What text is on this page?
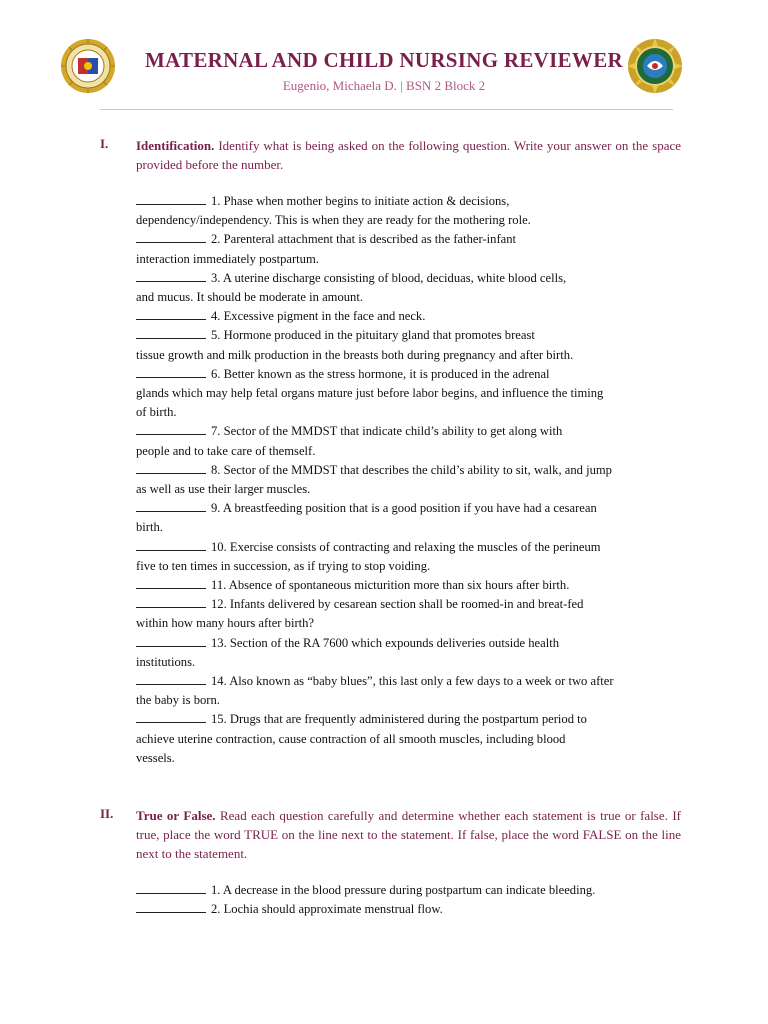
MATERNAL AND CHILD NURSING REVIEWER
Eugenio, Michaela D. | BSN 2 Block 2
I. Identification. Identify what is being asked on the following question. Write your answer on the space provided before the number.
1. Phase when mother begins to initiate action & decisions,
dependency/independency. This is when they are ready for the mothering role.
2. Parenteral attachment that is described as the father-infant
interaction immediately postpartum.
3. A uterine discharge consisting of blood, deciduas, white blood cells,
and mucus. It should be moderate in amount.
4. Excessive pigment in the face and neck.
5. Hormone produced in the pituitary gland that promotes breast
tissue growth and milk production in the breasts both during pregnancy and after birth.
6. Better known as the stress hormone, it is produced in the adrenal
glands which may help fetal organs mature just before labor begins, and influence the timing
of birth.
7. Sector of the MMDST that indicate child’s ability to get along with
people and to take care of themself.
8. Sector of the MMDST that describes the child’s ability to sit, walk, and jump
as well as use their larger muscles.
9. A breastfeeding position that is a good position if you have had a cesarean
birth.
10. Exercise consists of contracting and relaxing the muscles of the perineum
five to ten times in succession, as if trying to stop voiding.
11. Absence of spontaneous micturition more than six hours after birth.
12. Infants delivered by cesarean section shall be roomed-in and breat-fed
within how many hours after birth?
13. Section of the RA 7600 which expounds deliveries outside health
institutions.
14. Also known as “baby blues”, this last only a few days to a week or two after
the baby is born.
15. Drugs that are frequently administered during the postpartum period to
achieve uterine contraction, cause contraction of all smooth muscles, including blood
vessels.
II. True or False. Read each question carefully and determine whether each statement is true or false. If true, place the word TRUE on the line next to the statement. If false, place the word FALSE on the line next to the statement.
1. A decrease in the blood pressure during postpartum can indicate bleeding.
2. Lochia should approximate menstrual flow.
